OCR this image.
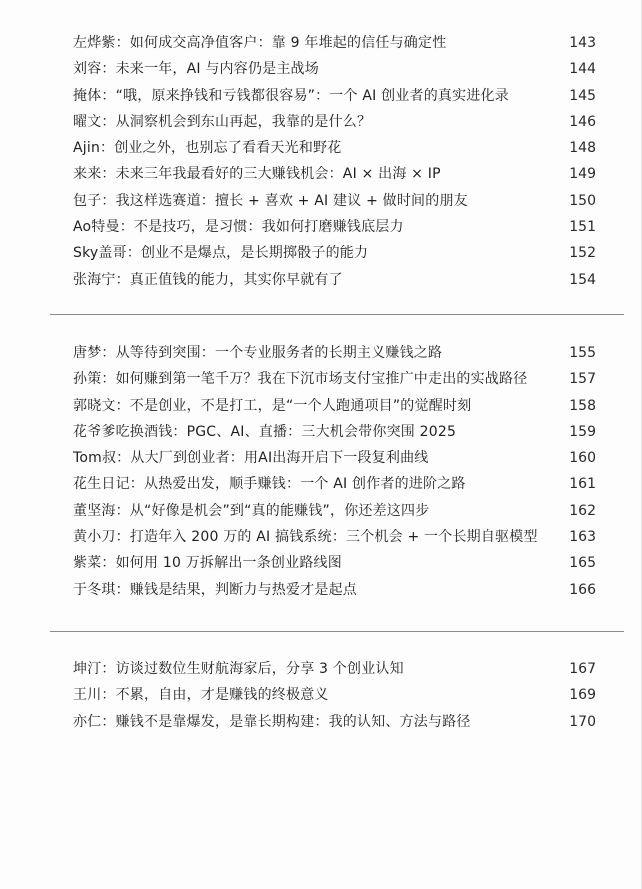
左烨紫：如何成交高净值客户：靠 9 年堆起的信任与确定性	143
刘容：未来一年，AI 与内容仍是主战场	144
掩体：“哦，原来挣钱和亏钱都很容易”：一个 AI 创业者的真实进化录	145
曜文：从洞察机会到东山再起，我靠的是什么？	146
Ajin：创业之外，也别忘了看看天光和野花	148
来来：未来三年我最看好的三大赚钱机会：AI × 出海 × IP	149
包子：我这样选赛道：擅长 + 喜欢 + AI 建议 + 做时间的朋友	150
Ao特曼：不是技巧，是习惯：我如何打磨赚钱底层力	151
Sky盖哥：创业不是爆点，是长期掷骰子的能力	152
张海宁：真正值钱的能力，其实你早就有了	154
唐梦：从等待到突围：一个专业服务者的长期主义赚钱之路	155
孙策：如何赚到第一笔千万？我在下沉市场支付宝推广中走出的实战路径	157
郭晓文：不是创业，不是打工，是“一个人跑通项目”的觉醒时刻	158
花爷爹吃换酒钱：PGC、AI、直播：三大机会带你突围 2025	159
Tom叔：从大厂到创业者：用AI出海开启下一段复利曲线	160
花生日记：从热爱出发，顺手赚钱：一个 AI 创作者的进阶之路	161
董坚海：从“好像是机会”到“真的能赚钱”，你还差这四步	162
黄小刀：打造年入 200 万的 AI 搞钱系统：三个机会 + 一个长期自驱模型 163
紫菜：如何用 10 万拆解出一条创业路线图	165
于冬琪：赚钱是结果，判断力与热爱才是起点	166
坤汀：访谈过数位生财航海家后，分享 3 个创业认知	167
王川：不累，自由，才是赚钱的终极意义	169
亦仁：赚钱不是靠爆发，是靠长期构建：我的认知、方法与路径	170
